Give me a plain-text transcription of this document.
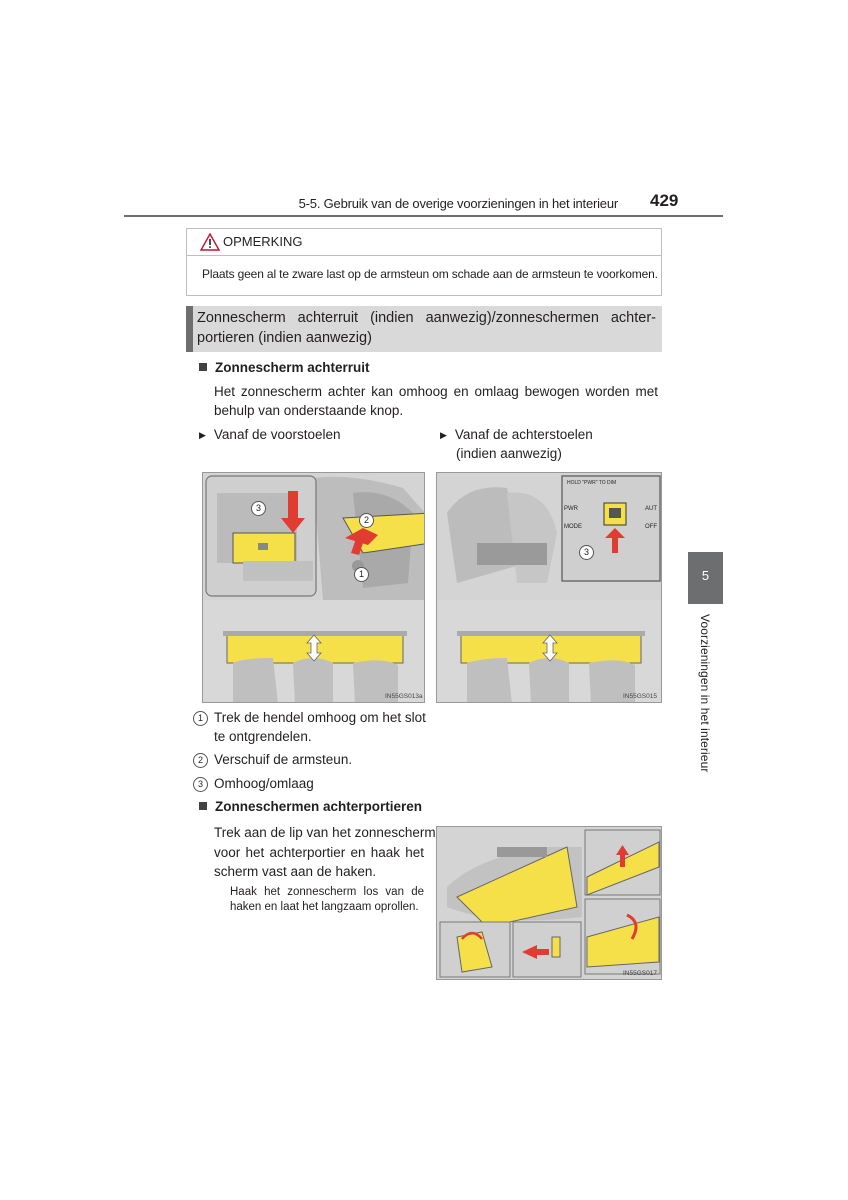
5-5. Gebruik van de overige voorzieningen in het interieur 429
OPMERKING
Plaats geen al te zware last op de armsteun om schade aan de armsteun te voorkomen.
Zonnescherm achterruit (indien aanwezig)/zonneschermen achter-
portieren (indien aanwezig)
Zonnescherm achterruit
Het zonnescherm achter kan omhoog en omlaag bewogen worden met
behulp van onderstaande knop.
▶ Vanaf de voorstoelen	▶ Vanaf de achterstoelen
(indien aanwezig)
3
2
1
IN55GS013a
HOLD "PWR" TO DIM
PWR
MODE
AUT
OFF
3
IN55GS015
1 Trek de hendel omhoog om het slot
te ontgrendelen.
2 Verschuif de armsteun.
3 Omhoog/omlaag
Zonneschermen achterportieren
Trek aan de lip van het zonnescherm
voor het achterportier en haak het
scherm vast aan de haken.
Haak het zonnescherm los van de
haken en laat het langzaam oprollen.
IN55GS017
5
Voorzieningen in het interieur
